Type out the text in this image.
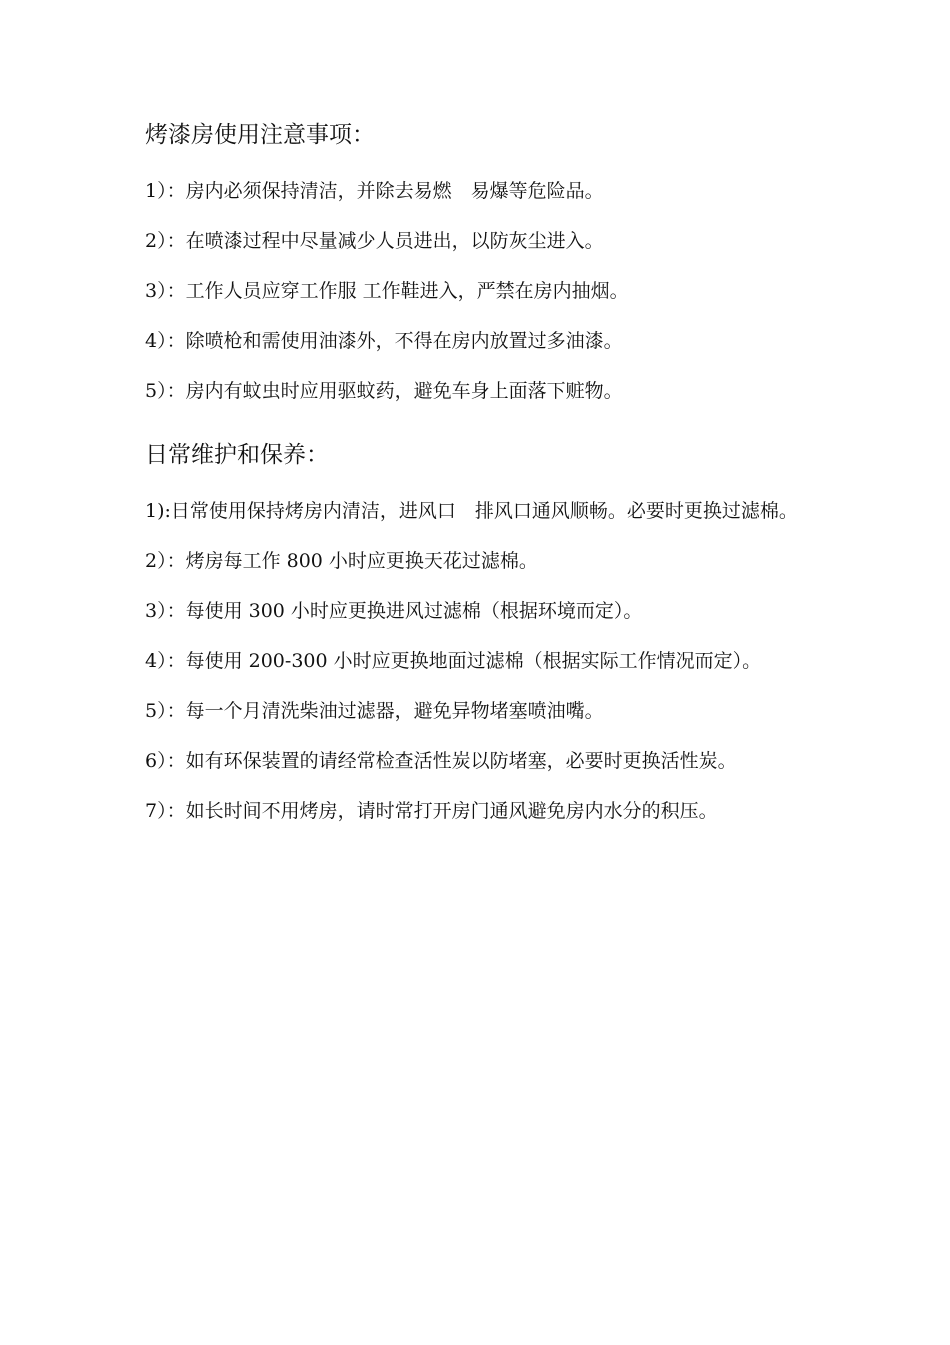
烤漆房使用注意事项：

1）：房内必须保持清洁，并除去易燃　易爆等危险品。

2）：在喷漆过程中尽量减少人员进出，以防灰尘进入。

3）：工作人员应穿工作服 工作鞋进入，严禁在房内抽烟。

4）：除喷枪和需使用油漆外，不得在房内放置过多油漆。

5）：房内有蚊虫时应用驱蚊药，避免车身上面落下赃物。

日常维护和保养：

1):日常使用保持烤房内清洁，进风口　排风口通风顺畅。必要时更换过滤棉。

2）：烤房每工作 800 小时应更换天花过滤棉。

3）：每使用 300 小时应更换进风过滤棉（根据环境而定）。

4）：每使用 200-300 小时应更换地面过滤棉（根据实际工作情况而定）。

5）：每一个月清洗柴油过滤器，避免异物堵塞喷油嘴。

6）：如有环保装置的请经常检查活性炭以防堵塞，必要时更换活性炭。

7）：如长时间不用烤房，请时常打开房门通风避免房内水分的积压。
